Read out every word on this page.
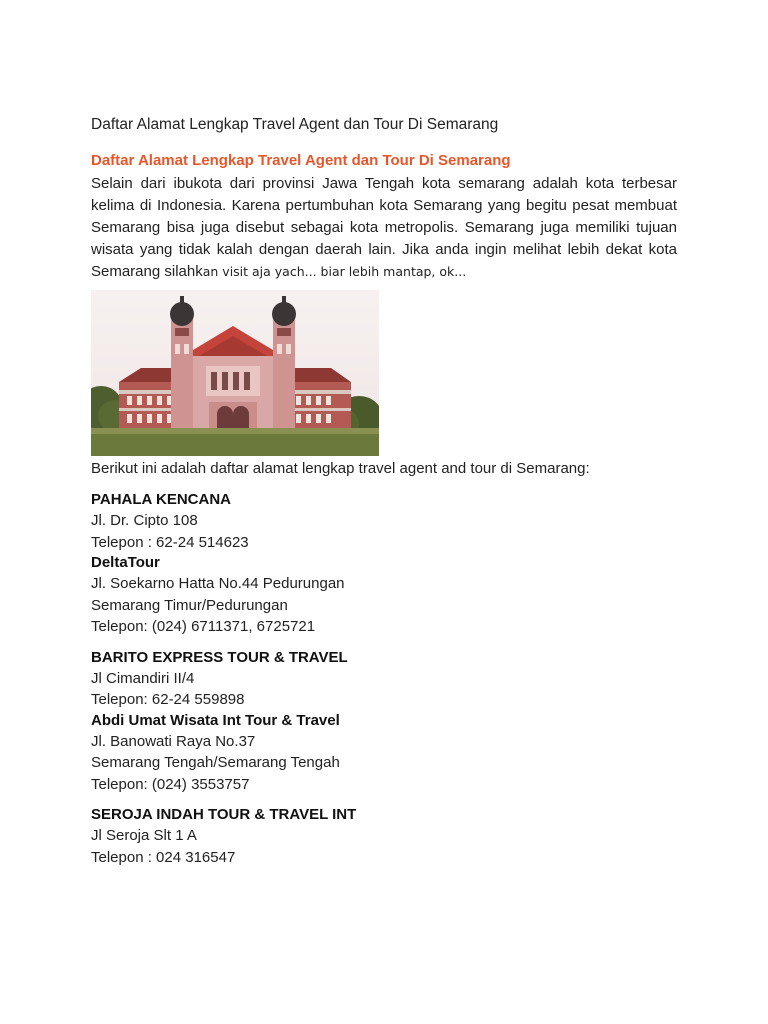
Daftar Alamat Lengkap Travel Agent dan Tour Di Semarang
Daftar Alamat Lengkap Travel Agent dan Tour Di Semarang

Selain dari ibukota dari provinsi Jawa Tengah kota semarang adalah kota terbesar kelima di Indonesia. Karena pertumbuhan kota Semarang yang begitu pesat membuat Semarang bisa juga disebut sebagai kota metropolis. Semarang juga memiliki tujuan wisata yang tidak kalah dengan daerah lain. Jika anda ingin melihat lebih dekat kota Semarang silahkan visit aja yach... biar lebih mantap, ok...

Berikut ini adalah daftar alamat lengkap travel agent and tour di Semarang:
PAHALA KENCANA
Jl. Dr. Cipto 108
Telepon : 62-24 514623
DeltaTour
Jl. Soekarno Hatta No.44 Pedurungan
Semarang Timur/Pedurungan
Telepon: (024) 6711371, 6725721
BARITO EXPRESS TOUR & TRAVEL
Jl Cimandiri II/4
Telepon: 62-24 559898
Abdi Umat Wisata Int Tour & Travel
Jl. Banowati Raya No.37
Semarang Tengah/Semarang Tengah
Telepon: (024) 3553757
SEROJA INDAH TOUR & TRAVEL INT
Jl Seroja Slt 1 A
Telepon : 024 316547
